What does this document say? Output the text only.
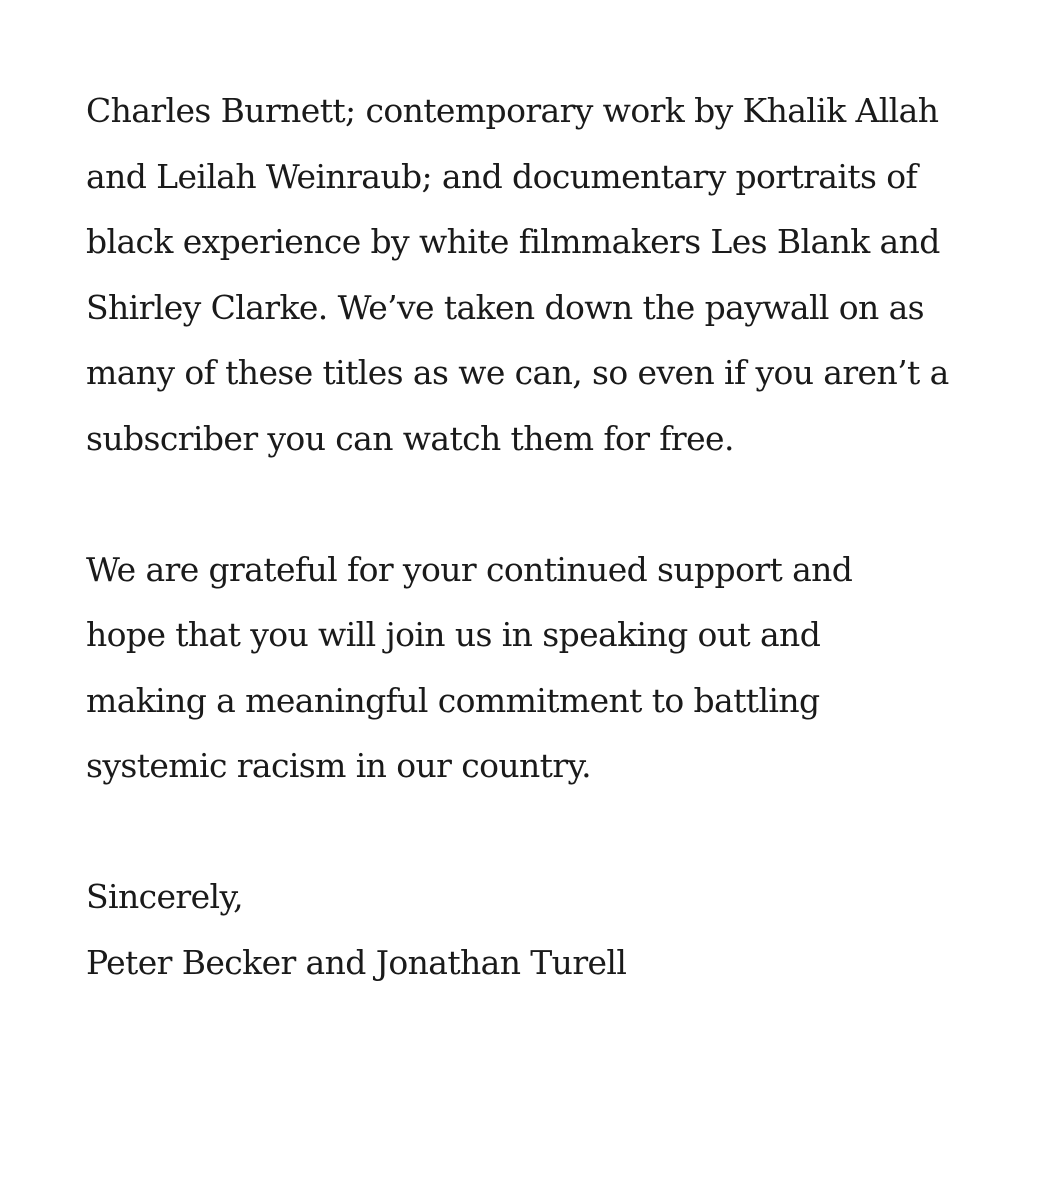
Charles Burnett; contemporary work by Khalik Allah
and Leilah Weinraub; and documentary portraits of
black experience by white filmmakers Les Blank and
Shirley Clarke. We’ve taken down the paywall on as
many of these titles as we can, so even if you aren’t a
subscriber you can watch them for free.

We are grateful for your continued support and
hope that you will join us in speaking out and
making a meaningful commitment to battling
systemic racism in our country.

Sincerely,
Peter Becker and Jonathan Turell
